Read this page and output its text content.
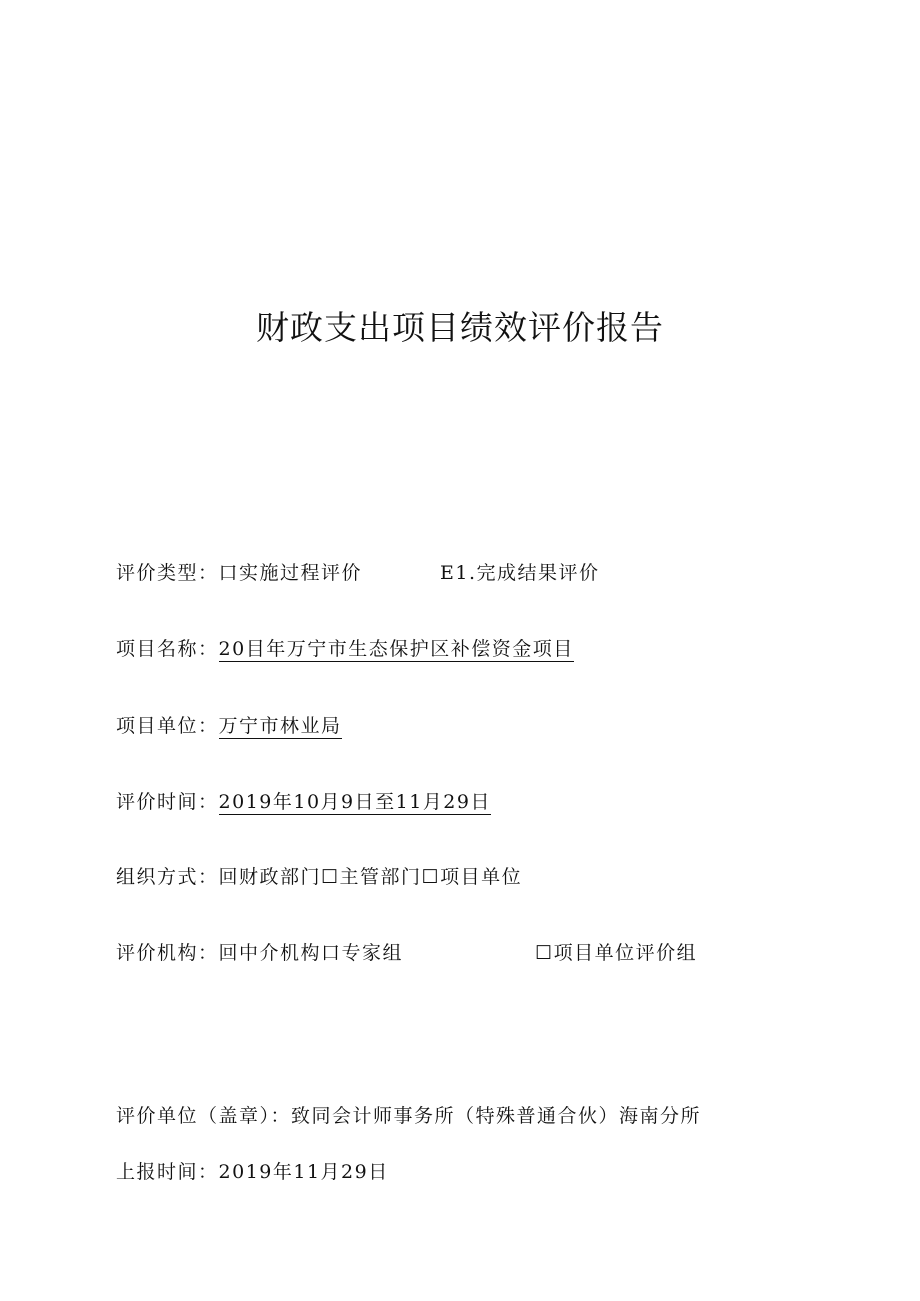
财政支出项目绩效评价报告
评价类型：口实施过程评价	E1.完成结果评价
项目名称：20目年万宁市生态保护区补偿资金项目
项目单位：万宁市林业局
评价时间：2019年10月9日至11月29日
组织方式：回财政部门☐主管部门☐项目单位
评价机构：回中介机构口专家组	☐项目单位评价组
评价单位（盖章）：致同会计师事务所（特殊普通合伙）海南分所
上报时间：2019年11月29日
